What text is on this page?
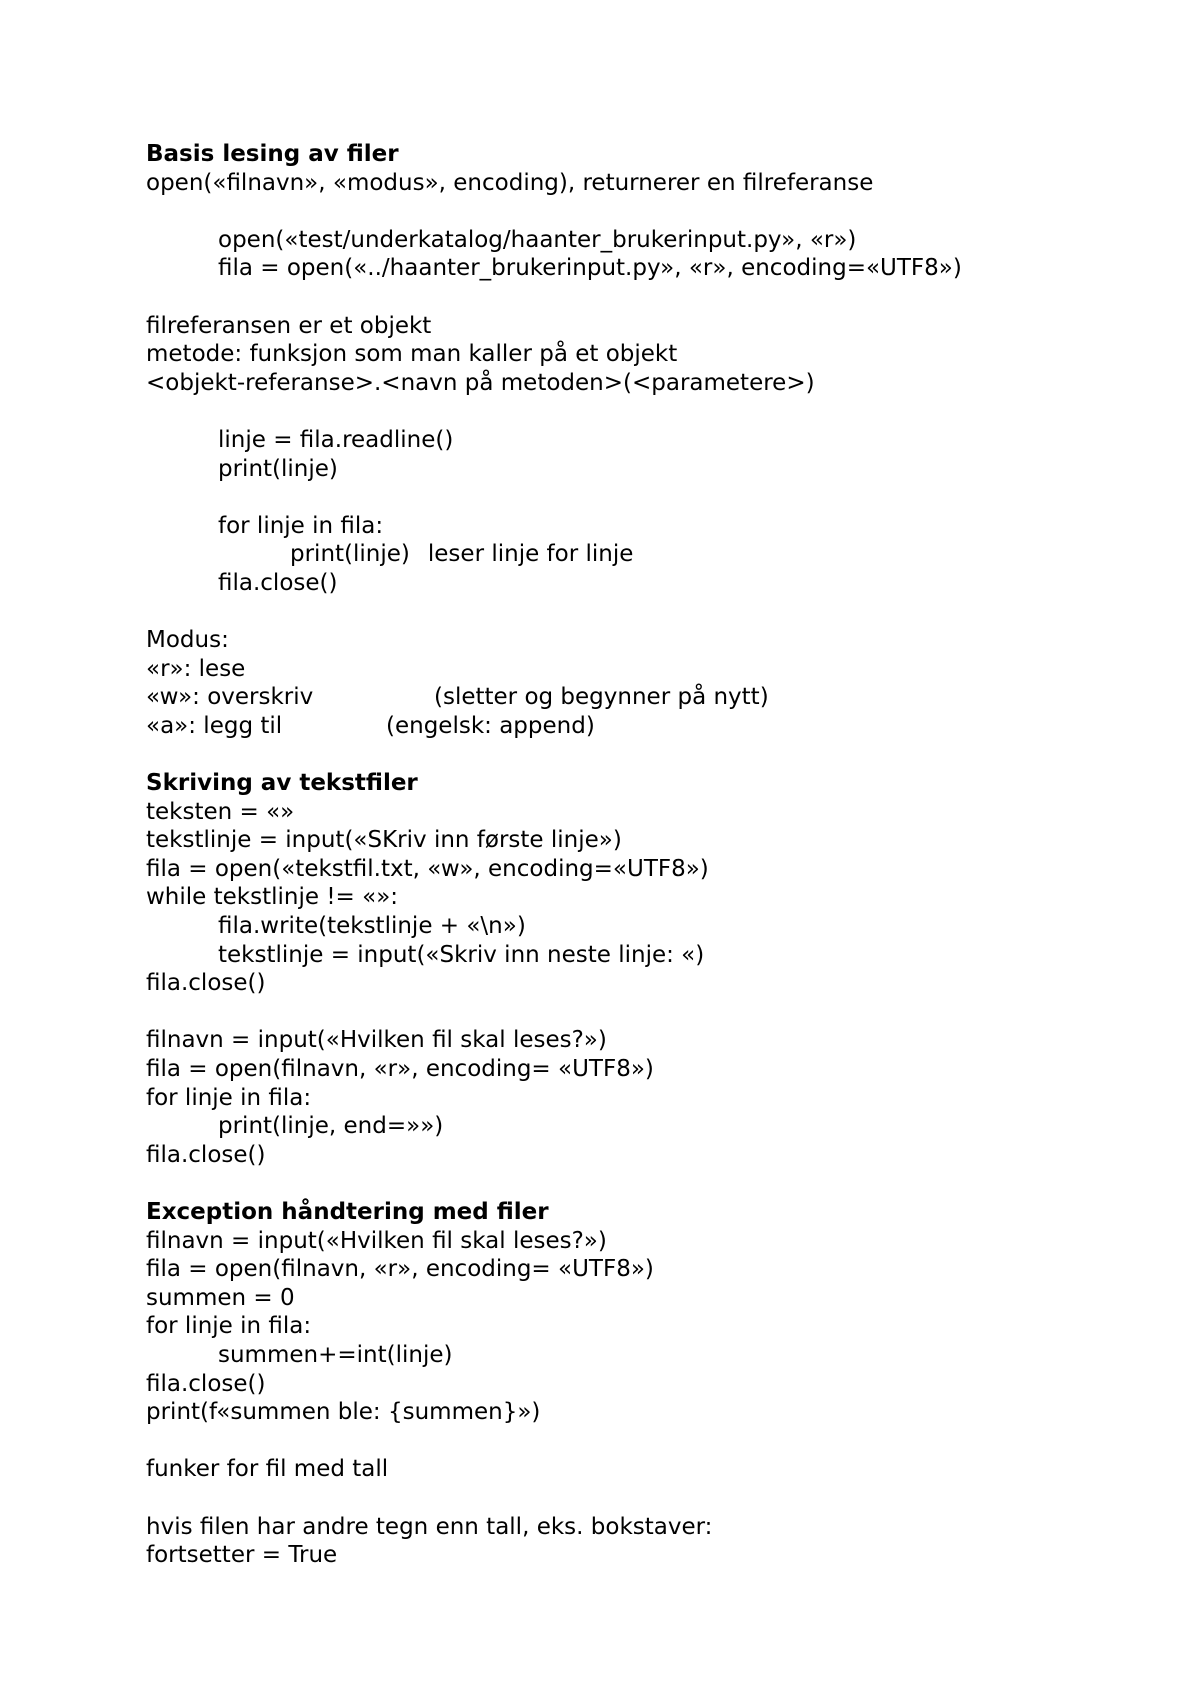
Basis lesing av filer
open(«filnavn», «modus», encoding), returnerer en filreferanse
open(«test/underkatalog/haanter_brukerinput.py», «r»)
fila = open(«../haanter_brukerinput.py», «r», encoding=«UTF8»)
filreferansen er et objekt
metode: funksjon som man kaller på et objekt
<objekt-referanse>.<navn på metoden>(<parametere>)
linje = fila.readline()
print(linje)
for linje in fila:
print(linje) leser linje for linje
fila.close()
Modus:
«r»: lese
«w»: overskriv	(sletter og begynner på nytt)
«a»: legg til	(engelsk: append)
Skriving av tekstfiler
teksten = «»
tekstlinje = input(«SKriv inn første linje»)
fila = open(«tekstfil.txt, «w», encoding=«UTF8»)
while tekstlinje != «»:
fila.write(tekstlinje + «\n»)
tekstlinje = input(«Skriv inn neste linje: «)
fila.close()
filnavn = input(«Hvilken fil skal leses?»)
fila = open(filnavn, «r», encoding= «UTF8»)
for linje in fila:
print(linje, end=»»)
fila.close()
Exception håndtering med filer
filnavn = input(«Hvilken fil skal leses?»)
fila = open(filnavn, «r», encoding= «UTF8»)
summen = 0
for linje in fila:
summen+=int(linje)
fila.close()
print(f«summen ble: {summen}»)
funker for fil med tall
hvis filen har andre tegn enn tall, eks. bokstaver:
fortsetter = True
